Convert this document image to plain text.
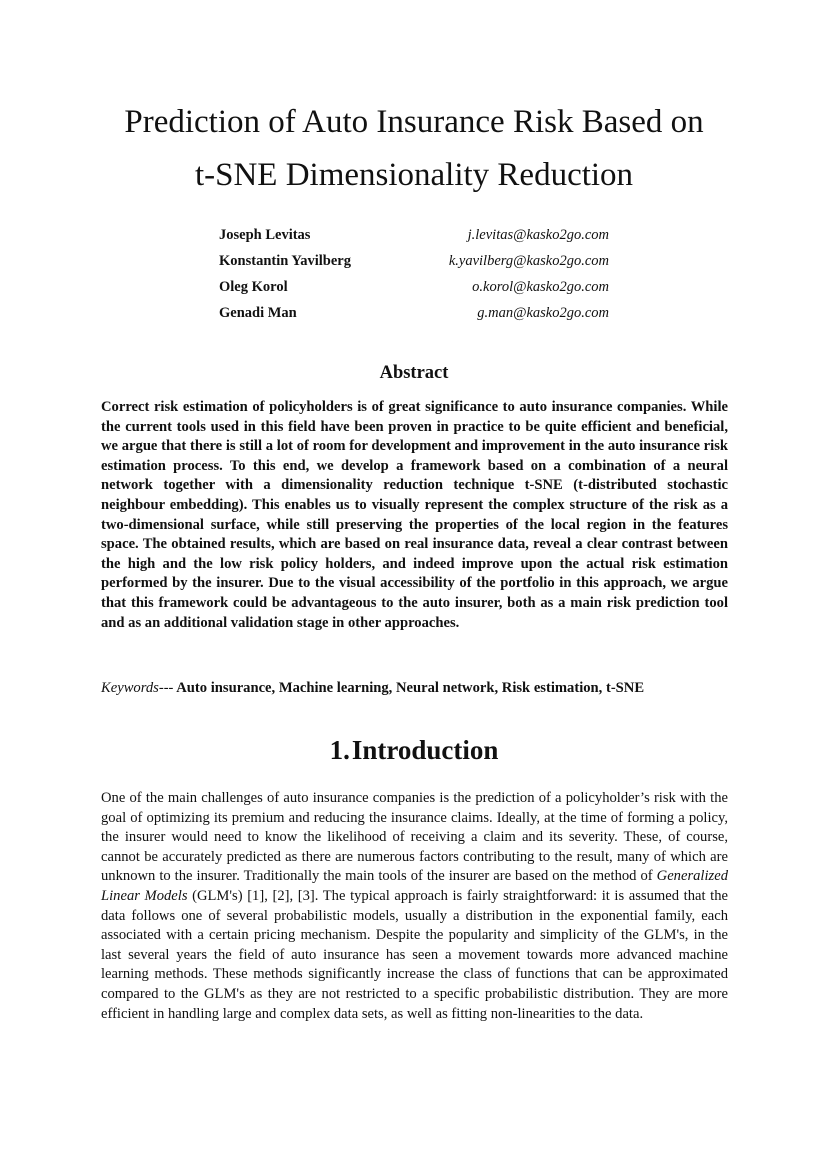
Prediction of Auto Insurance Risk Based on
t-SNE Dimensionality Reduction
Joseph Levitas	j.levitas@kasko2go.com
Konstantin Yavilberg	k.yavilberg@kasko2go.com
Oleg Korol	o.korol@kasko2go.com
Genadi Man	g.man@kasko2go.com
Abstract

Correct risk estimation of policyholders is of great significance to auto insurance companies. While the current tools used in this field have been proven in practice to be quite efficient and beneficial, we argue that there is still a lot of room for development and improvement in the auto insurance risk estimation process. To this end, we develop a framework based on a combination of a neural network together with a dimensionality reduction technique t-SNE (t-distributed stochastic neighbour embedding). This enables us to visually represent the complex structure of the risk as a two-dimensional surface, while still preserving the properties of the local region in the features space. The obtained results, which are based on real insurance data, reveal a clear contrast between the high and the low risk policy holders, and indeed improve upon the actual risk estimation performed by the insurer. Due to the visual accessibility of the portfolio in this approach, we argue that this framework could be advantageous to the auto insurer, both as a main risk prediction tool and as an additional validation stage in other approaches.

Keywords--- Auto insurance, Machine learning, Neural network, Risk estimation, t-SNE

1.Introduction

One of the main challenges of auto insurance companies is the prediction of a policyholder’s risk with the goal of optimizing its premium and reducing the insurance claims. Ideally, at the time of forming a policy, the insurer would need to know the likelihood of receiving a claim and its severity. These, of course, cannot be accurately predicted as there are numerous factors contributing to the result, many of which are unknown to the insurer. Traditionally the main tools of the insurer are based on the method of Generalized Linear Models (GLM's) [1], [2], [3]. The typical approach is fairly straightforward: it is assumed that the data follows one of several probabilistic models, usually a distribution in the exponential family, each associated with a certain pricing mechanism. Despite the popularity and simplicity of the GLM's, in the last several years the field of auto insurance has seen a movement towards more advanced machine learning methods. These methods significantly increase the class of functions that can be approximated compared to the GLM's as they are not restricted to a specific probabilistic distribution. They are more efficient in handling large and complex data sets, as well as fitting non-linearities to the data.
